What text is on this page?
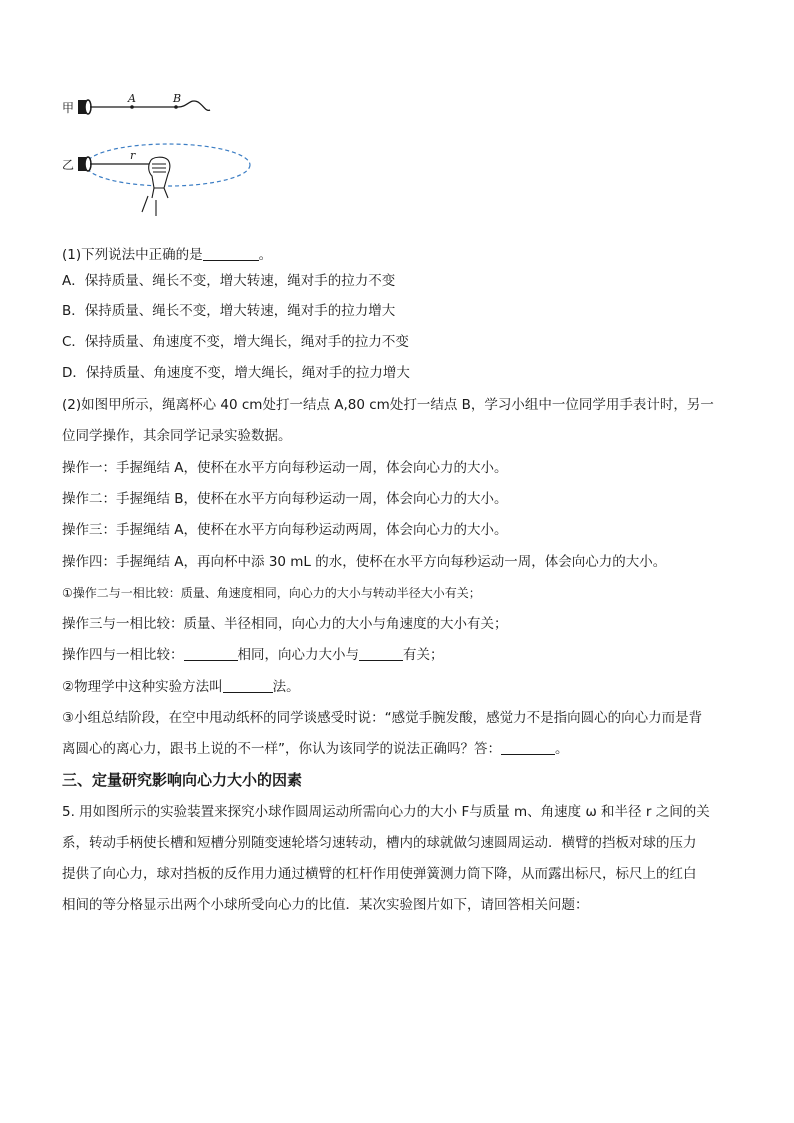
甲
A	B
乙
r
(1)下列说法中正确的是	。
A．保持质量、绳长不变，增大转速，绳对手的拉力不变
B．保持质量、绳长不变，增大转速，绳对手的拉力增大
C．保持质量、角速度不变，增大绳长，绳对手的拉力不变
D．保持质量、角速度不变，增大绳长，绳对手的拉力增大
(2)如图甲所示，绳离杯心 40 cm处打一结点 A,80 cm处打一结点 B，学习小组中一位同学用手表计时，另一
位同学操作，其余同学记录实验数据。
操作一：手握绳结 A，使杯在水平方向每秒运动一周，体会向心力的大小。
操作二：手握绳结 B，使杯在水平方向每秒运动一周，体会向心力的大小。
操作三：手握绳结 A，使杯在水平方向每秒运动两周，体会向心力的大小。
操作四：手握绳结 A，再向杯中添 30 mL 的水，使杯在水平方向每秒运动一周，体会向心力的大小。
①操作二与一相比较：质量、角速度相同，向心力的大小与转动半径大小有关；
操作三与一相比较：质量、半径相同，向心力的大小与角速度的大小有关；
操作四与一相比较：	相同，向心力大小与	有关；
②物理学中这种实验方法叫	法。
③小组总结阶段，在空中甩动纸杯的同学谈感受时说：“感觉手腕发酸，感觉力不是指向圆心的向心力而是背
离圆心的离心力，跟书上说的不一样”，你认为该同学的说法正确吗？答：	。
三、定量研究影响向心力大小的因素
5. 用如图所示的实验装置来探究小球作圆周运动所需向心力的大小 F与质量 m、角速度 ω 和半径 r 之间的关
系，转动手柄使长槽和短槽分别随变速轮塔匀速转动，槽内的球就做匀速圆周运动．横臂的挡板对球的压力
提供了向心力，球对挡板的反作用力通过横臂的杠杆作用使弹簧测力筒下降，从而露出标尺，标尺上的红白
相间的等分格显示出两个小球所受向心力的比值．某次实验图片如下，请回答相关问题：
